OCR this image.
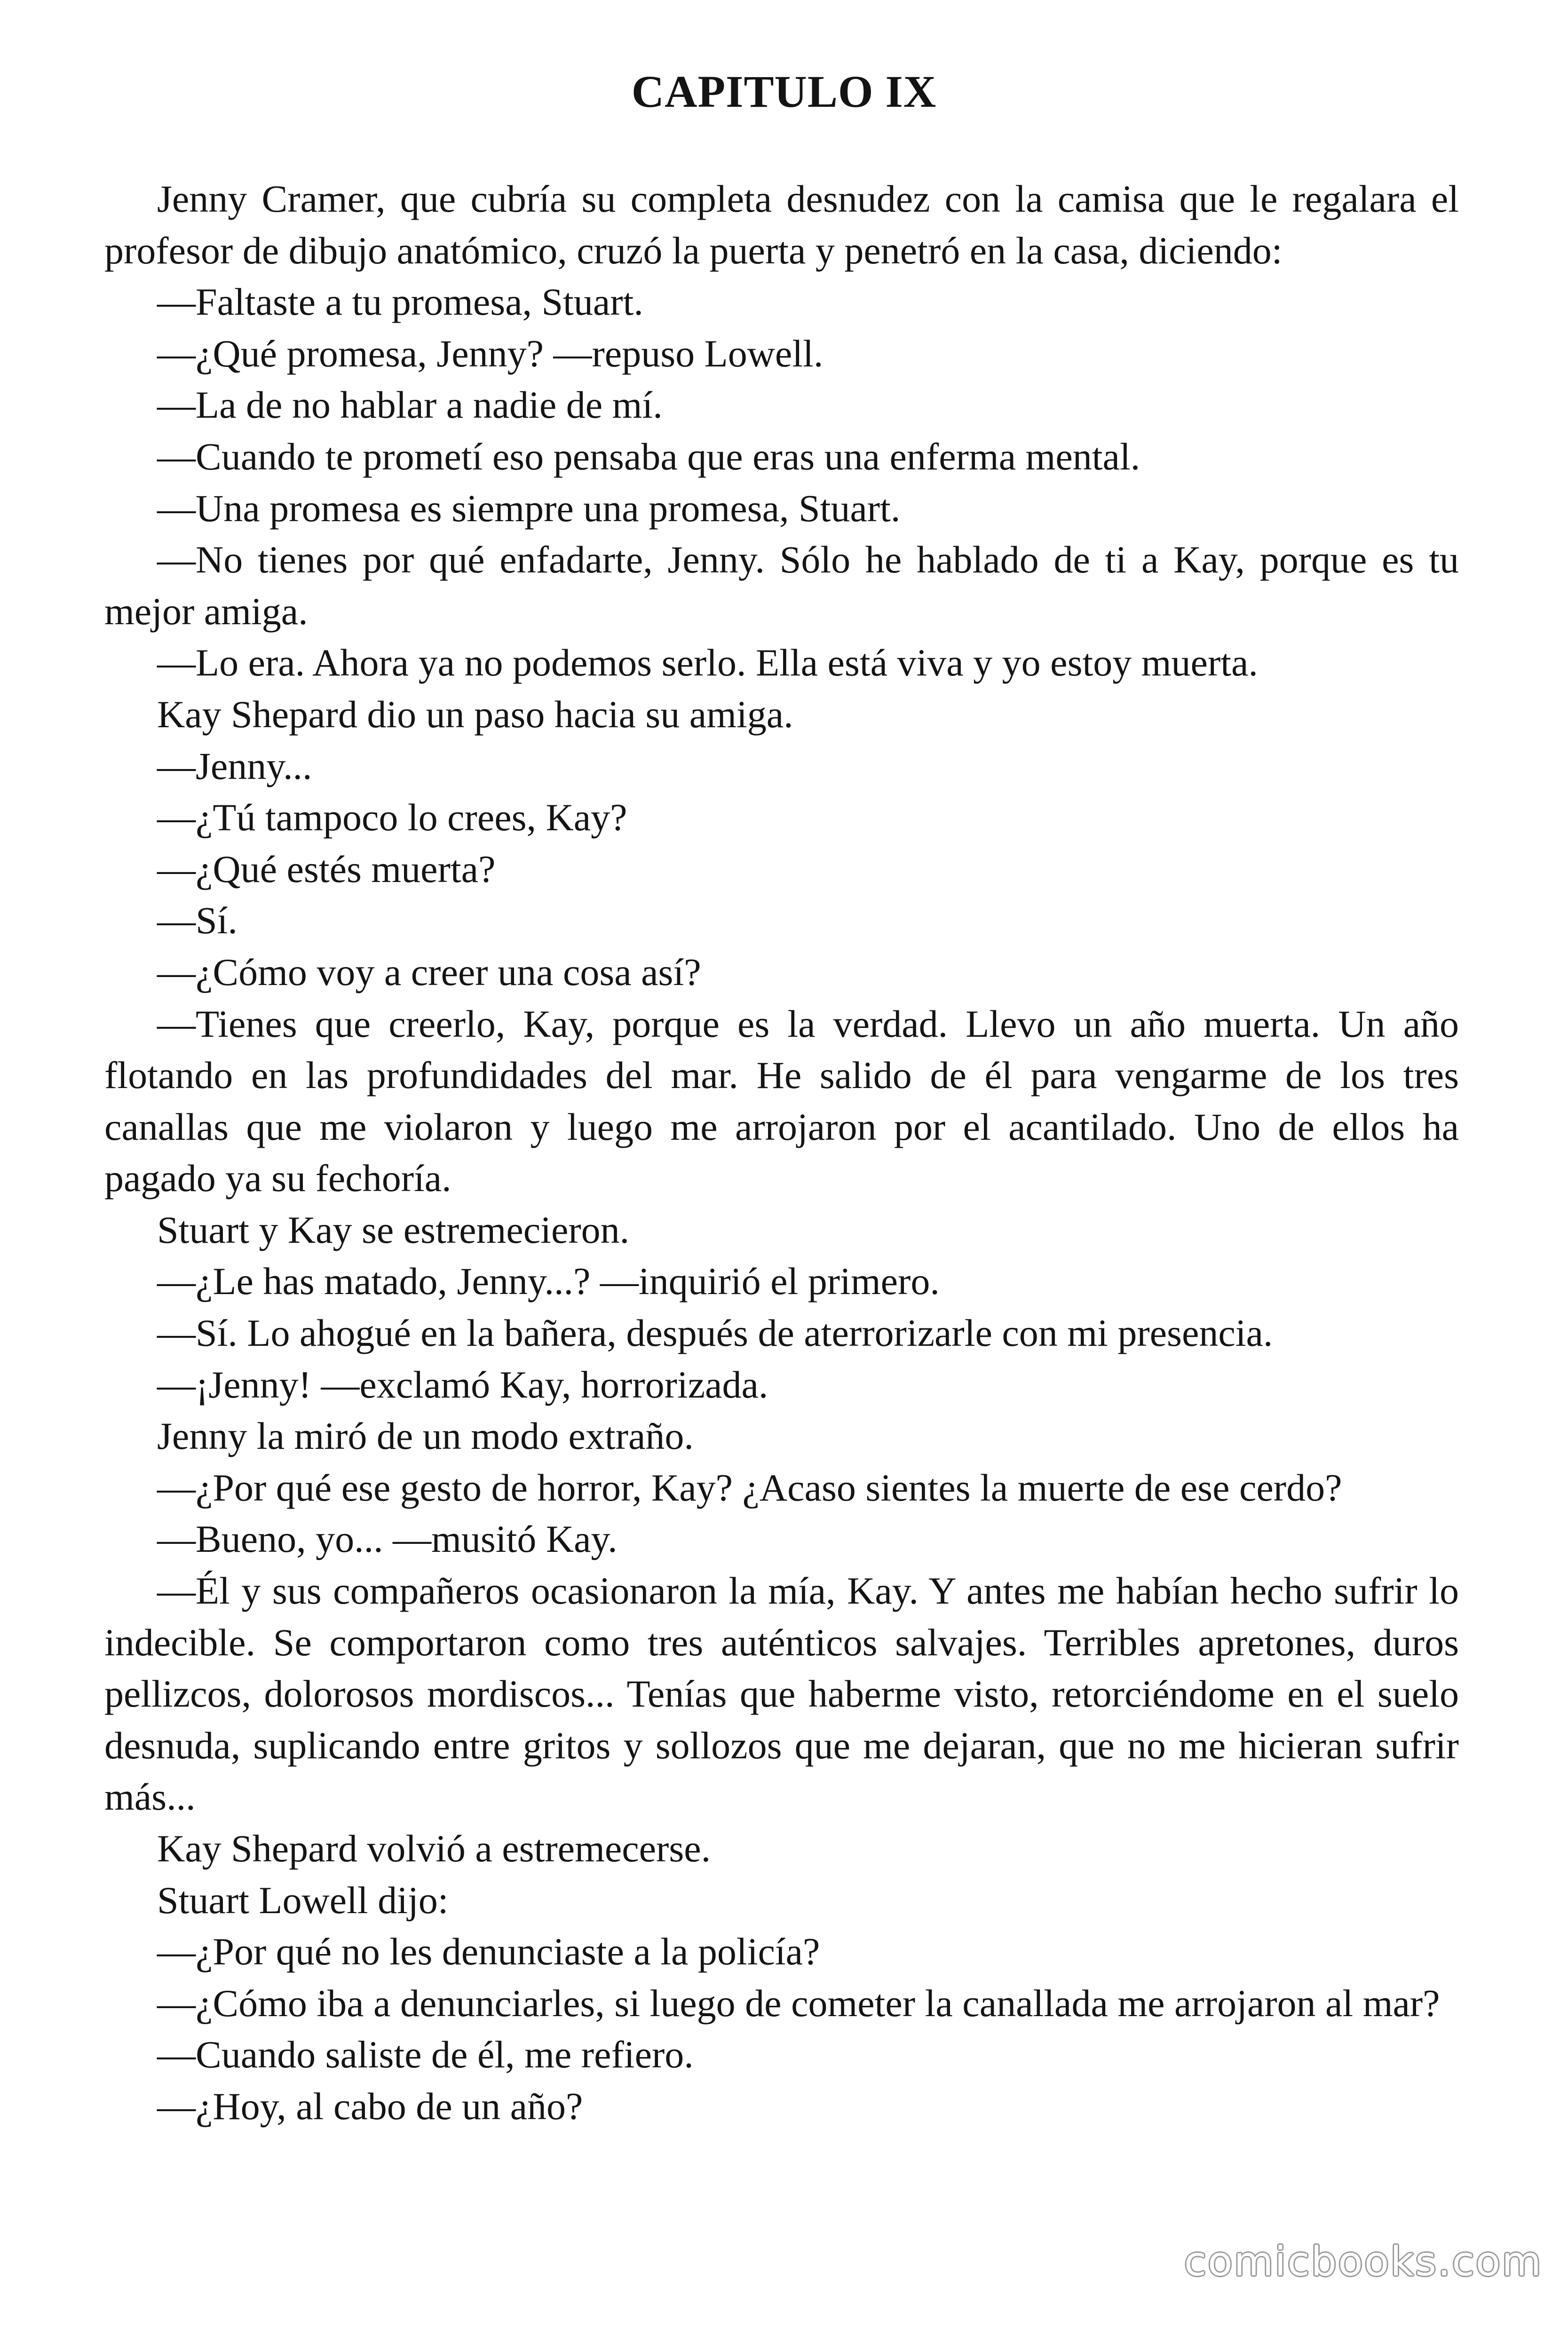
CAPITULO IX

Jenny Cramer, que cubría su completa desnudez con la camisa que le regalara el profesor de dibujo anatómico, cruzó la puerta y penetró en la casa, diciendo:

—Faltaste a tu promesa, Stuart.

—¿Qué promesa, Jenny? —repuso Lowell.

—La de no hablar a nadie de mí.

—Cuando te prometí eso pensaba que eras una enferma mental.

—Una promesa es siempre una promesa, Stuart.

—No tienes por qué enfadarte, Jenny. Sólo he hablado de ti a Kay, porque es tu mejor amiga.

—Lo era. Ahora ya no podemos serlo. Ella está viva y yo estoy muerta.

Kay Shepard dio un paso hacia su amiga.

—Jenny...

—¿Tú tampoco lo crees, Kay?

—¿Qué estés muerta?

—Sí.

—¿Cómo voy a creer una cosa así?

—Tienes que creerlo, Kay, porque es la verdad. Llevo un año muerta. Un año flotando en las profundidades del mar. He salido de él para vengarme de los tres canallas que me violaron y luego me arrojaron por el acantilado. Uno de ellos ha pagado ya su fechoría.

Stuart y Kay se estremecieron.

—¿Le has matado, Jenny...? —inquirió el primero.

—Sí. Lo ahogué en la bañera, después de aterrorizarle con mi presencia.

—¡Jenny! —exclamó Kay, horrorizada.

Jenny la miró de un modo extraño.

—¿Por qué ese gesto de horror, Kay? ¿Acaso sientes la muerte de ese cerdo?

—Bueno, yo... —musitó Kay.

—Él y sus compañeros ocasionaron la mía, Kay. Y antes me habían hecho sufrir lo indecible. Se comportaron como tres auténticos salvajes. Terribles apretones, duros pellizcos, dolorosos mordiscos... Tenías que haberme visto, retorciéndome en el suelo desnuda, suplicando entre gritos y sollozos que me dejaran, que no me hicieran sufrir más...

Kay Shepard volvió a estremecerse.

Stuart Lowell dijo:

—¿Por qué no les denunciaste a la policía?

—¿Cómo iba a denunciarles, si luego de cometer la canallada me arrojaron al mar?

—Cuando saliste de él, me refiero.

—¿Hoy, al cabo de un año?

comicbooks.com
